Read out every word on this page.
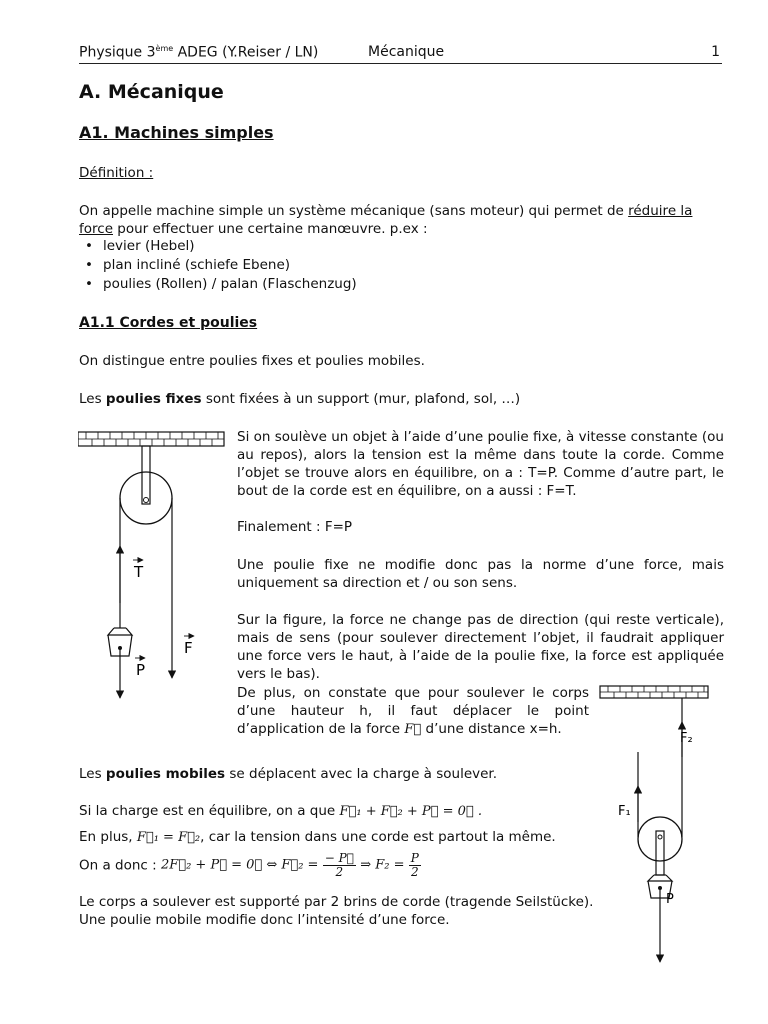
Physique 3ème ADEG (Y.Reiser / LN)	Mécanique	1
A. Mécanique
A1. Machines simples
Définition :
On appelle machine simple un système mécanique (sans moteur) qui permet de réduire la force pour effectuer une certaine manœuvre. p.ex :
• levier (Hebel)
• plan incliné (schiefe Ebene)
• poulies (Rollen) / palan (Flaschenzug)
A1.1 Cordes et poulies
On distingue entre poulies fixes et poulies mobiles.
Les poulies fixes sont fixées à un support (mur, plafond, sol, …)
T
F
P
Si on soulève un objet à l’aide d’une poulie fixe, à vitesse constante (ou au repos), alors la tension est la même dans toute la corde. Comme l’objet se trouve alors en équilibre, on a : T=P. Comme d’autre part, le bout de la corde est en équilibre, on a aussi : F=T.
Finalement : F=P
Une poulie fixe ne modifie donc pas la norme d’une force, mais uniquement sa direction et / ou son sens.
Sur la figure, la force ne change pas de direction (qui reste verticale), mais de sens (pour soulever directement l’objet, il faudrait appliquer une force vers le haut, à l’aide de la poulie fixe, la force est appliquée vers le bas).
De plus, on constate que pour soulever le corps d’une hauteur h, il faut déplacer le point d’application de la force F⃗ d’une distance x=h.
F₂
F₁
P
Les poulies mobiles se déplacent avec la charge à soulever.
Si la charge est en équilibre, on a que F⃗₁ + F⃗₂ + P⃗ = 0⃗ .
En plus, F⃗₁ = F⃗₂, car la tension dans une corde est partout la même.
On a donc : 2F⃗₂ + P⃗ = 0⃗ ⇔ F⃗₂ = $\frac{- P⃗}{2}$ ⇒ $F_2 = \frac{P}{2}$
Le corps a soulever est supporté par 2 brins de corde (tragende Seilstücke).
Une poulie mobile modifie donc l’intensité d’une force.
